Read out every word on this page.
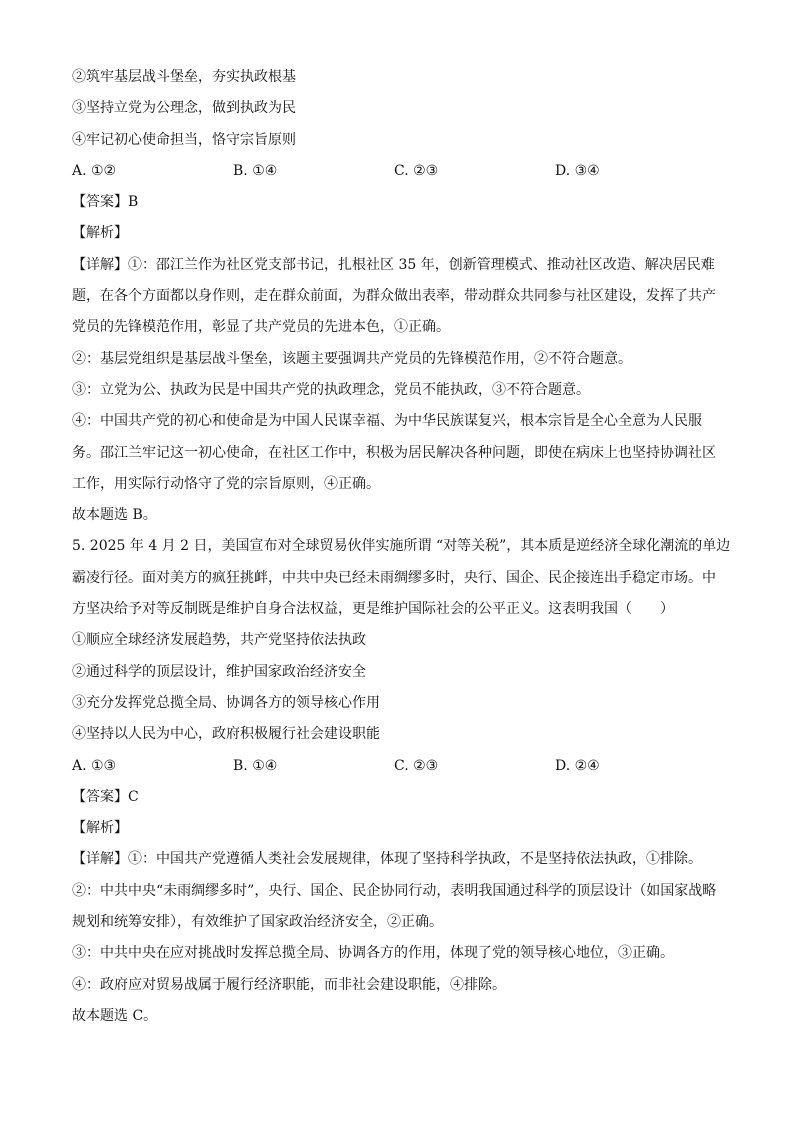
②筑牢基层战斗堡垒，夯实执政根基
③坚持立党为公理念，做到执政为民
④牢记初心使命担当，恪守宗旨原则
A. ①②	B. ①④	C. ②③	D. ③④
【答案】B
【解析】
【详解】①：邵江兰作为社区党支部书记，扎根社区 35 年，创新管理模式、推动社区改造、解决居民难
题，在各个方面都以身作则，走在群众前面，为群众做出表率，带动群众共同参与社区建设，发挥了共产
党员的先锋模范作用，彰显了共产党员的先进本色，①正确。
②：基层党组织是基层战斗堡垒，该题主要强调共产党员的先锋模范作用，②不符合题意。
③：立党为公、执政为民是中国共产党的执政理念，党员不能执政，③不符合题意。
④：中国共产党的初心和使命是为中国人民谋幸福、为中华民族谋复兴，根本宗旨是全心全意为人民服
务。邵江兰牢记这一初心使命，在社区工作中，积极为居民解决各种问题，即使在病床上也坚持协调社区
工作，用实际行动恪守了党的宗旨原则，④正确。
故本题选 B。
5. 2025 年 4 月 2 日，美国宣布对全球贸易伙伴实施所谓 “对等关税”，其本质是逆经济全球化潮流的单边
霸凌行径。面对美方的疯狂挑衅，中共中央已经未雨绸缪多时，央行、国企、民企接连出手稳定市场。中
方坚决给予对等反制既是维护自身合法权益，更是维护国际社会的公平正义。这表明我国（　　）
①顺应全球经济发展趋势，共产党坚持依法执政
②通过科学的顶层设计，维护国家政治经济安全
③充分发挥党总揽全局、协调各方的领导核心作用
④坚持以人民为中心，政府积极履行社会建设职能
A. ①③	B. ①④	C. ②③	D. ②④
【答案】C
【解析】
【详解】①：中国共产党遵循人类社会发展规律，体现了坚持科学执政，不是坚持依法执政，①排除。
②：中共中央“未雨绸缪多时”，央行、国企、民企协同行动，表明我国通过科学的顶层设计（如国家战略
规划和统筹安排），有效维护了国家政治经济安全，②正确。
③：中共中央在应对挑战时发挥总揽全局、协调各方的作用，体现了党的领导核心地位，③正确。
④：政府应对贸易战属于履行经济职能，而非社会建设职能，④排除。
故本题选 C。
